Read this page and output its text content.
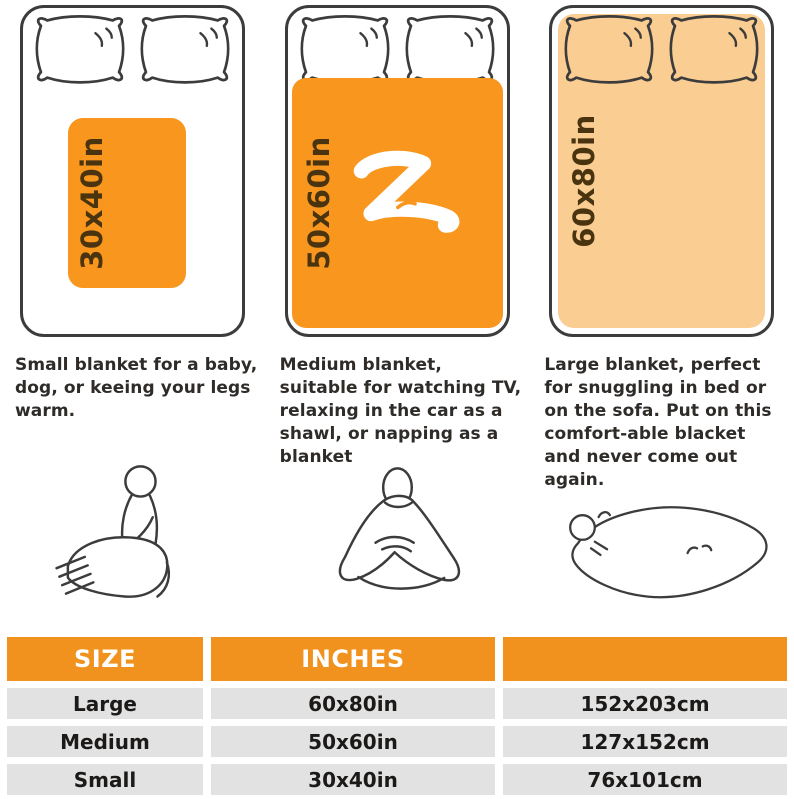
30x40in	50x60in	60x80in
Small blanket for a baby, dog, or keeing your legs warm.
Medium blanket, suitable for watching TV, relaxing in the car as a shawl, or napping as a blanket
Large blanket, perfect for snuggling in bed or on the sofa. Put on this comfort-able blacket and never come out again.
SIZE	INCHES
Large	60x80in	152x203cm
Medium	50x60in	127x152cm
Small	30x40in	76x101cm
